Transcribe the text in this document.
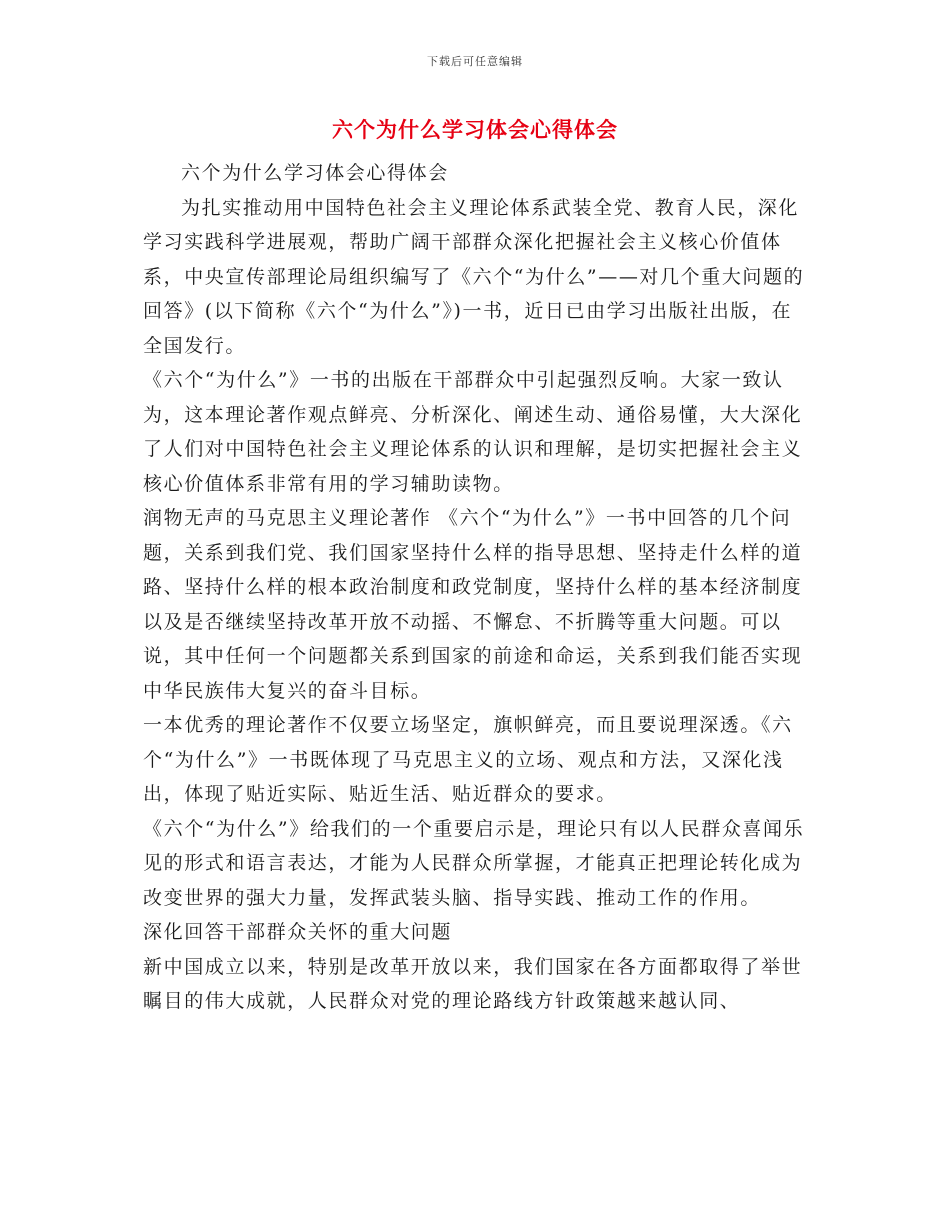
下载后可任意编辑
六个为什么学习体会心得体会

六个为什么学习体会心得体会

为扎实推动用中国特色社会主义理论体系武装全党、教育人民，深化学习实践科学进展观，帮助广阔干部群众深化把握社会主义核心价值体系，中央宣传部理论局组织编写了《六个“为什么”——对几个重大问题的回答》(以下简称《六个“为什么”》)一书，近日已由学习出版社出版，在全国发行。

《六个“为什么”》一书的出版在干部群众中引起强烈反响。大家一致认为，这本理论著作观点鲜亮、分析深化、阐述生动、通俗易懂，大大深化了人们对中国特色社会主义理论体系的认识和理解，是切实把握社会主义核心价值体系非常有用的学习辅助读物。

润物无声的马克思主义理论著作 《六个“为什么”》一书中回答的几个问题，关系到我们党、我们国家坚持什么样的指导思想、坚持走什么样的道路、坚持什么样的根本政治制度和政党制度，坚持什么样的基本经济制度以及是否继续坚持改革开放不动摇、不懈怠、不折腾等重大问题。可以说，其中任何一个问题都关系到国家的前途和命运，关系到我们能否实现中华民族伟大复兴的奋斗目标。

一本优秀的理论著作不仅要立场坚定，旗帜鲜亮，而且要说理深透。《六个“为什么”》一书既体现了马克思主义的立场、观点和方法，又深化浅出，体现了贴近实际、贴近生活、贴近群众的要求。

《六个“为什么”》给我们的一个重要启示是，理论只有以人民群众喜闻乐见的形式和语言表达，才能为人民群众所掌握，才能真正把理论转化成为改变世界的强大力量，发挥武装头脑、指导实践、推动工作的作用。

深化回答干部群众关怀的重大问题

新中国成立以来，特别是改革开放以来，我们国家在各方面都取得了举世瞩目的伟大成就，人民群众对党的理论路线方针政策越来越认同、
